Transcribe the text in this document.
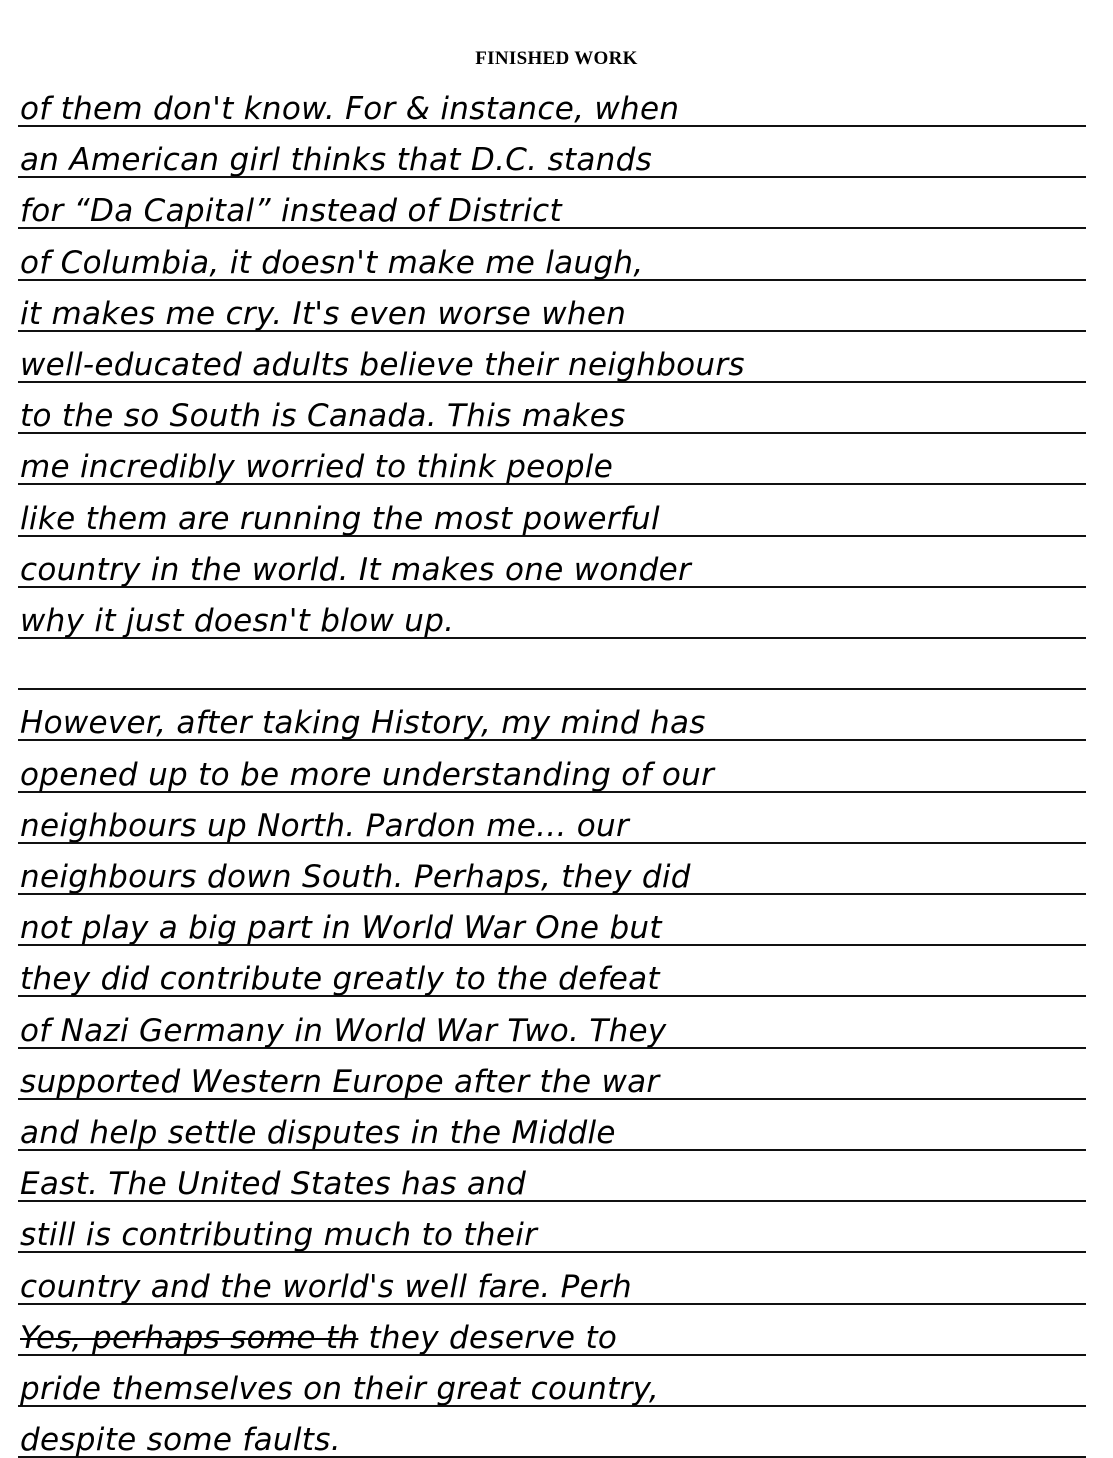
FINISHED WORK
of them don't know. For & instance, when
an American girl thinks that D.C. stands
for “Da Capital” instead of District
of Columbia, it doesn't make me laugh,
it makes me cry. It's even worse when
well-educated adults believe their neighbours
to the so South is Canada. This makes
me incredibly worried to think people
like them are running the most powerful
country in the world. It makes one wonder
why it just doesn't blow up.
However, after taking History, my mind has
opened up to be more understanding of our
neighbours up North. Pardon me... our
neighbours down South. Perhaps, they did
not play a big part in World War One but
they did contribute greatly to the defeat
of Nazi Germany in World War Two. They
supported Western Europe after the war
and help settle disputes in the Middle
East. The United States has and
still is contributing much to their
country and the world's well fare. Perh
Yes, perhaps some th they deserve to
pride themselves on their great country,
despite some faults.
